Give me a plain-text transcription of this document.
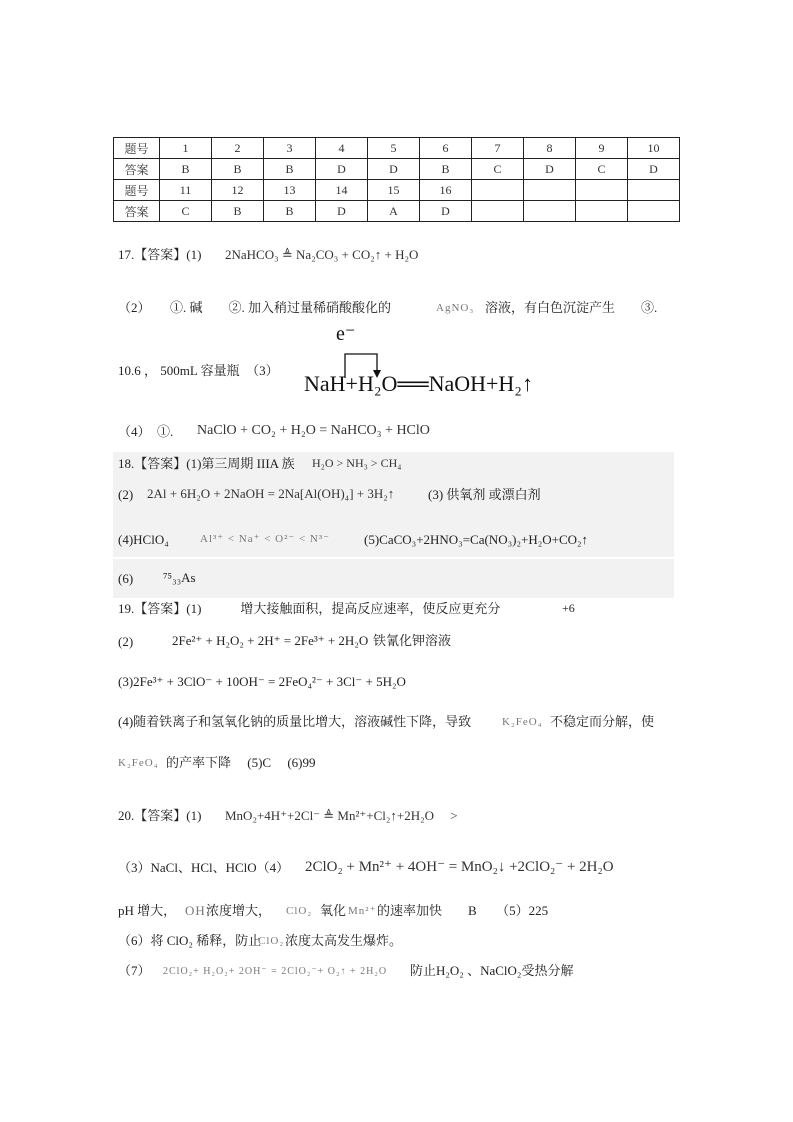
题号	1	2	3	4	5	6	7	8	9	10
答案	B	B	B	D	D	B	C	D	C	D
题号	11	12	13	14	15	16				
答案	C	B	B	D	A	D				
17.【答案】(1) 2NaHCO₃ ≜ Na₂CO₃ + CO₂↑ + H₂O
（2）　　①. 碱　　②. 加入稍过量稀硝酸酸化的	AgNO₃ 溶液，有白色沉淀产生　　③.
10.6 ， 500mL 容量瓶　（3）
e⁻
NaH+H₂O══NaOH+H₂↑
（4）　①. NaClO + CO₂ + H₂O = NaHCO₃ + HClO
18.【答案】(1)第三周期 IIIA 族 H₂O > NH₃ > CH₄
(2) 2Al + 6H₂O + 2NaOH = 2Na[Al(OH)₄] + 3H₂↑	(3) 供氧剂 或漂白剂
(4)HClO₄	Al³⁺ < Na⁺ < O²⁻ < N³⁻	(5)CaCO₃+2HNO₃=Ca(NO₃)₂+H₂O+CO₂↑
(6) ⁷⁵₃₃As
19.【答案】(1)　　　增大接触面积，提高反应速率，使反应更充分	+6
(2)	2Fe²⁺ + H₂O₂ + 2H⁺ = 2Fe³⁺ + 2H₂O 铁氰化钾溶液
(3)2Fe³⁺ + 3ClO⁻ + 10OH⁻ = 2FeO₄²⁻ + 3Cl⁻ + 5H₂O
(4)随着铁离子和氢氧化钠的质量比增大，溶液碱性下降，导致	K₂FeO₄ 不稳定而分解，使
K₂FeO₄ 的产率下降　 (5)C　 (6)99
20.【答案】(1) MnO₂+4H⁺+2Cl⁻ ≜ Mn²⁺+Cl₂↑+2H₂O　 >
（3）NaCl、HCl、HClO（4） 2ClO₂ + Mn²⁺ + 4OH⁻ = MnO₂↓ +2ClO₂⁻ + 2H₂O
pH 增大， OH⁻
浓度增大， ClO₂ 氧化 Mn²⁺ 的速率加快　　B　　（5）225
（6）将 ClO₂ 稀释，防止
ClO₂ 浓度太高发生爆炸。
（7） 2ClO₂+ H₂O₂+ 2OH⁻ = 2ClO₂⁻+ O₂↑ + 2H₂O 防止H₂O₂ 、NaClO₂受热分解
